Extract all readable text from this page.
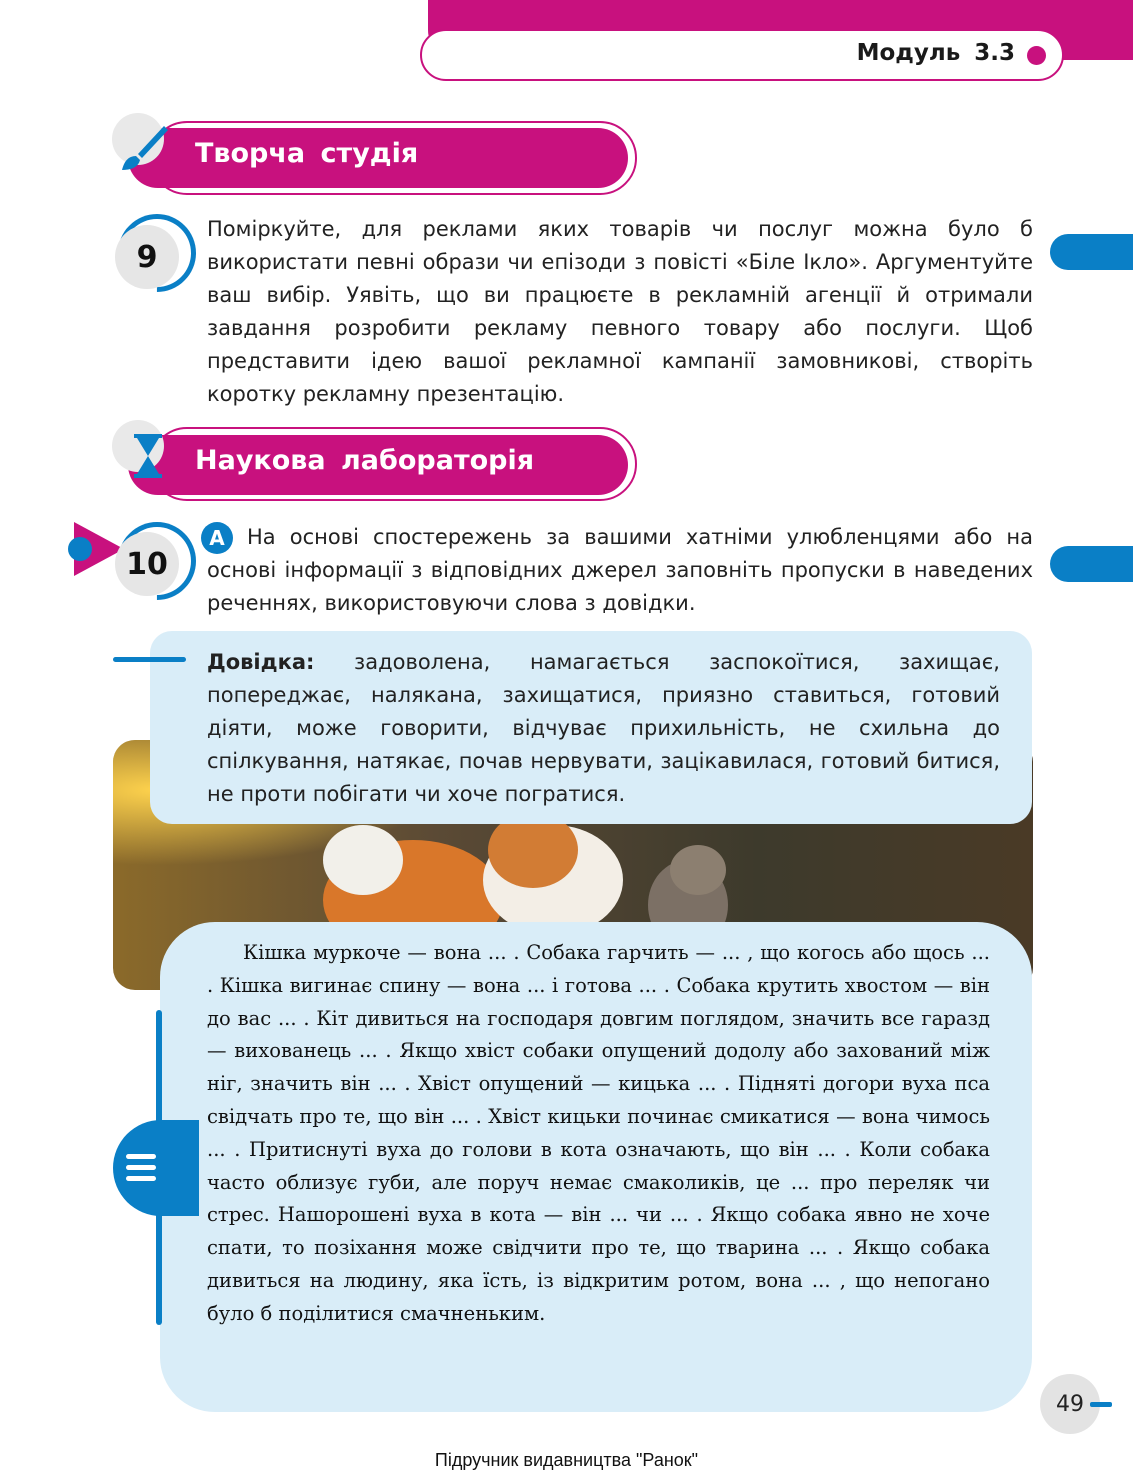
Модуль 3.3
Творча студія
9
Поміркуйте, для реклами яких товарів чи послуг можна було б використати певні образи чи епізоди з повісті «Біле Ікло». Аргументуйте ваш вибір. Уявіть, що ви працюєте в рекламній агенції й отримали завдання розробити рекламу певного товару або послуги. Щоб представити ідею вашої рекламної кампанії замовникові, створіть коротку рекламну презентацію.
Наукова лабораторія
10
А	На основі спостережень за вашими хатніми улюбленцями або на основі інформації з відповідних джерел заповніть пропуски в наведених реченнях, використовуючи слова з довідки.
Довідка: задоволена, намагається заспокоїтися, захищає, попереджає, налякана, захищатися, приязно ставиться, готовий діяти, може говорити, відчуває прихильність, не схильна до спілкування, натякає, почав нервувати, зацікавилася, готовий битися, не проти побігати чи хоче погратися.
Кішка муркоче — вона ... . Собака гарчить — ... , що когось або щось ... . Кішка вигинає спину — вона ... і готова ... . Собака крутить хвостом — він до вас ... . Кіт дивиться на господаря довгим поглядом, значить все гаразд — вихованець ... . Якщо хвіст собаки опущений додолу або захований між ніг, значить він ... . Хвіст опущений — кицька ... . Підняті догори вуха пса свідчать про те, що він ... . Хвіст кицьки починає смикатися — вона чимось ... . Притиснуті вуха до голови в кота означають, що він ... . Коли собака часто облизує губи, але поруч немає смаколиків, це ... про переляк чи стрес. Нашорошені вуха в кота — він ... чи ... . Якщо собака явно не хоче спати, то позіхання може свідчити про те, що тварина ... . Якщо собака дивиться на людину, яка їсть, із відкритим ротом, вона ... , що непогано було б поділитися смачненьким.
49
Підручник видавництва "Ранок"
